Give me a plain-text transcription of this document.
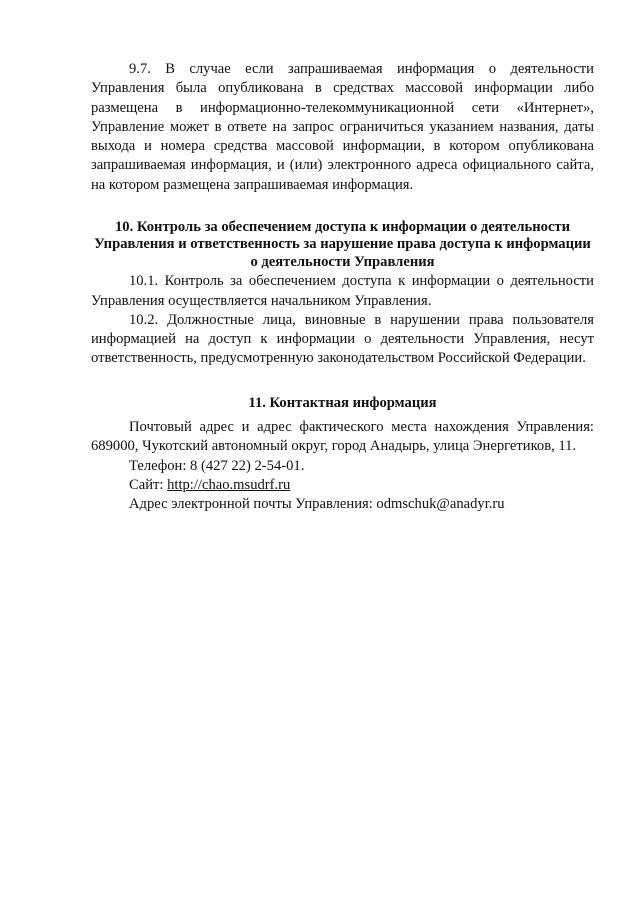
9.7. В случае если запрашиваемая информация о деятельности Управления была опубликована в средствах массовой информации либо размещена в информационно-телекоммуникационной сети «Интернет», Управление может в ответе на запрос ограничиться указанием названия, даты выхода и номера средства массовой информации, в котором опубликована запрашиваемая информация, и (или) электронного адреса официального сайта, на котором размещена запрашиваемая информация.

10. Контроль за обеспечением доступа к информации о деятельности Управления и ответственность за нарушение права доступа к информации о деятельности Управления

10.1. Контроль за обеспечением доступа к информации о деятельности Управления осуществляется начальником Управления.

10.2. Должностные лица, виновные в нарушении права пользователя информацией на доступ к информации о деятельности Управления, несут ответственность, предусмотренную законодательством Российской Федерации.

11. Контактная информация

Почтовый адрес и адрес фактического места нахождения Управления: 689000, Чукотский автономный округ, город Анадырь, улица Энергетиков, 11.

Телефон: 8 (427 22) 2-54-01.

Сайт: http://chao.msudrf.ru

Адрес электронной почты Управления: odmschuk@anadyr.ru
